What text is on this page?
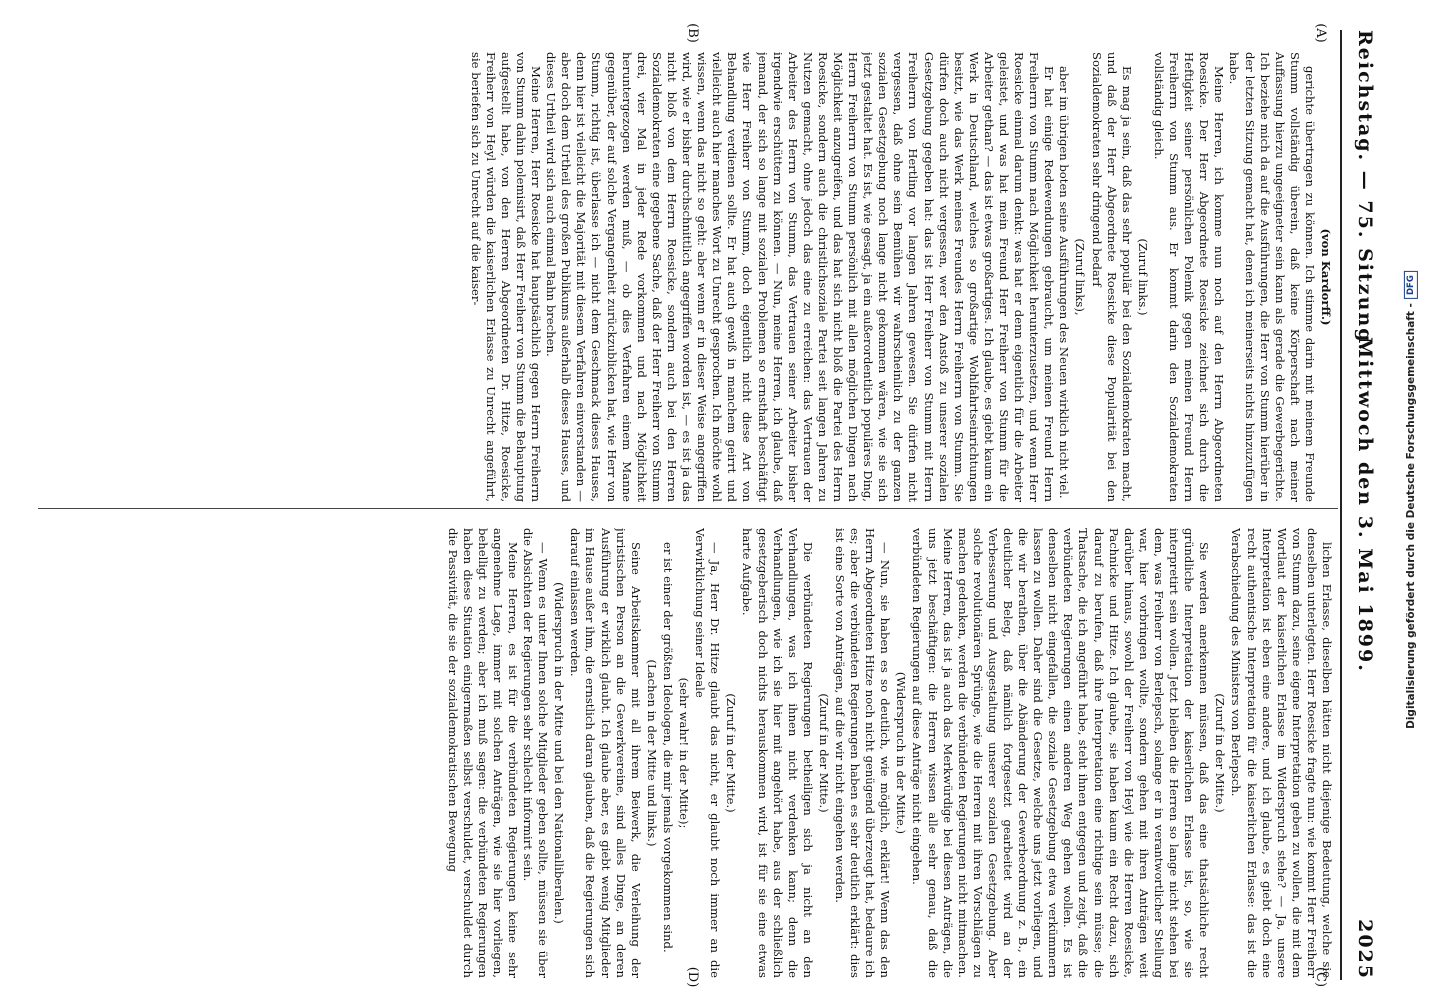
Reichstag. — 75. Sitzung.
Mittwoch den 3. Mai 1899.
2025
(A)
(B)
(C)
(D)

(von Kardorff.)

gerichte übertragen zu können. Ich stimme darin mit meinem Freunde Stumm vollständig überein, daß keine Körperschaft nach meiner Auffassung hierzu ungeeigneter sein kann als gerade die Gewerbegerichte. Ich beziehe mich da auf die Ausführungen, die Herr von Stumm hierüber in der letzten Sitzung gemacht hat, denen ich meinerseits nichts hinzuzufügen habe.

Meine Herren, ich komme nun noch auf den Herrn Abgeordneten Roesicke. Der Herr Abgeordnete Roesicke zeichnet sich durch die Heftigkeit seiner persönlichen Polemik gegen meinen Freund Herrn Freiherrn von Stumm aus. Er kommt darin den Sozialdemokraten vollständig gleich.

(Zuruf links.)

Es mag ja sein, daß das sehr populär bei den Sozialdemokraten macht, und daß der Herr Abgeordnete Roesicke diese Popularität bei den Sozialdemokraten sehr dringend bedarf

(Zuruf links),

aber im übrigen boten seine Ausführungen des Neuen wirklich nicht viel.

Er hat einige Redewendungen gebraucht, um meinen Freund Herrn Freiherrn von Stumm nach Möglichkeit herunterzusetzen, und wenn Herr Roesicke einmal darum denkt: was hat er denn eigentlich für die Arbeiter geleistet, und was hat mein Freund Herr Freiherr von Stumm für die Arbeiter gethan? — das ist etwas großartiges. Ich glaube, es giebt kaum ein Werk in Deutschland, welches so großartige Wohlfahrtseinrichtungen besitzt, wie das Werk meines Freundes Herrn Freiherrn von Stumm. Sie dürfen doch auch nicht vergessen, wer den Anstoß zu unserer sozialen Gesetzgebung gegeben hat: das ist Herr Freiherr von Stumm mit Herrn Freiherrn von Hertling vor langen Jahren gewesen. Sie dürfen nicht vergessen, daß ohne sein Bemühen wir wahrscheinlich zu der ganzen sozialen Gesetzgebung noch lange nicht gekommen wären, wie sie sich jetzt gestaltet hat. Es ist, wie gesagt, ja ein außerordentlich populäres Ding, Herrn Freiherrn von Stumm persönlich mit allen möglichen Dingen nach Möglichkeit anzugreifen, und das hat sich nicht bloß die Partei des Herrn Roesicke, sondern auch die christlichsoziale Partei seit langen Jahren zu Nutzen gemacht, ohne jedoch das eine zu erreichen: das Vertrauen der Arbeiter des Herrn von Stumm, das Vertrauen seiner Arbeiter bisher irgendwie erschüttern zu können. — Nun, meine Herren, ich glaube, daß jemand, der sich so lange mit sozialen Problemen so ernsthaft beschäftigt wie Herr Freiherr von Stumm, doch eigentlich nicht diese Art von Behandlung verdienen sollte. Er hat auch gewiß in manchem geirrt und vielleicht auch hier manches Wort zu Unrecht gesprochen. Ich möchte wohl wissen, wenn das nicht so geht: aber wenn er in dieser Weise angegriffen wird, wie er bisher durchschnittlich angegriffen worden ist, — es ist ja das nicht bloß von dem Herrn Roesicke, sondern auch bei den Herren Sozialdemokraten eine gegebene Sache, daß der Herr Freiherr von Stumm drei, vier Mal in jeder Rede vorkommen und nach Möglichkeit heruntergezogen werden muß, — ob dies Verfahren einem Manne gegenüber, der auf solche Vergangenheit zurückzublicken hat, wie Herr von Stumm, richtig ist, überlasse ich — nicht dem Geschmack dieses Hauses, denn hier ist vielleicht die Majorität mit diesem Verfahren einverstanden — aber doch dem Urtheil des großen Publikums außerhalb dieses Hauses, und dieses Urtheil wird sich auch einmal Bahn brechen.

Meine Herren, Herr Roesicke hat hauptsächlich gegen Herrn Freiherrn von Stumm dahin polemisirt, daß Herr Freiherr von Stumm die Behauptung aufgestellt habe, von den Herren Abgeordneten Dr. Hitze, Roesicke, Freiherr von Heyl würden die kaiserlichen Erlasse zu Unrecht angeführt, sie beriefen sich zu Unrecht auf die kaiser-

lichen Erlasse, dieselben hätten nicht diejenige Bedeutung, welche sie denselben unterlegten. Herr Roesicke fragte nun: wie kommt Herr Freiherr von Stumm dazu, seine eigene Interpretation geben zu wollen, die mit dem Wortlaut der kaiserlichen Erlasse im Widerspruch stehe? — Ja, unsere Interpretation ist eben eine andere, und ich glaube, es giebt doch eine recht authentische Interpretation für die kaiserlichen Erlasse: das ist die Verabschiedung des Ministers von Berlepsch.

(Zuruf in der Mitte.)

Sie werden anerkennen müssen, daß das eine thatsächliche recht gründliche Interpretation der kaiserlichen Erlasse ist, so, wie sie interpretirt sein wollen. Jetzt bleiben die Herren so lange nicht stehen bei dem, was Freiherr von Berlepsch, solange er in verantwortlicher Stellung war, hier vorbringen wollte, sondern gehen mit ihren Anträgen weit darüber hinaus, sowohl der Freiherr von Heyl wie die Herren Roesicke, Pachnicke und Hitze. Ich glaube, sie haben kaum ein Recht dazu, sich darauf zu berufen, daß ihre Interpretation eine richtige sein müsse; die Thatsache, die ich angeführt habe, steht ihnen entgegen und zeigt, daß die verbündeten Regierungen einen anderen Weg gehen wollen. Es ist denselben nicht eingefallen, die soziale Gesetzgebung etwa verkümmern lassen zu wollen. Daher sind die Gesetze, welche uns jetzt vorliegen, und die wir berathen, über die Abänderung der Gewerbeordnung z. B., ein deutlicher Beleg, daß nämlich fortgesetzt gearbeitet wird an der Verbesserung und Ausgestaltung unserer sozialen Gesetzgebung. Aber solche revolutionären Sprünge, wie die Herren mit ihren Vorschlägen zu machen gedenken, werden die verbündeten Regierungen nicht mitmachen. Meine Herren, das ist ja auch das Merkwürdige bei diesen Anträgen, die uns jetzt beschäftigen: die Herren wissen alle sehr genau, daß die verbündeten Regierungen auf diese Anträge nicht eingehen.

(Widerspruch in der Mitte.)

— Nun, sie haben es so deutlich, wie möglich, erklärt! Wenn das den Herrn Abgeordneten Hitze noch nicht genügend überzeugt hat, bedaure ich es; aber die verbündeten Regierungen haben es sehr deutlich erklärt: dies ist eine Sorte von Anträgen, auf die wir nicht eingehen werden.

(Zuruf in der Mitte.)

Die verbündeten Regierungen betheiligen sich ja nicht an den Verhandlungen, was ich ihnen nicht verdenken kann; denn die Verhandlungen, wie ich sie hier mit angehört habe, aus der schließlich gesetzgeberisch doch nichts herauskommen wird, ist für sie eine etwas harte Aufgabe.

(Zuruf in der Mitte.)

— Ja, Herr Dr. Hitze glaubt das nicht, er glaubt noch immer an die Verwirklichung seiner Ideale

(sehr wahr! in der Mitte);

er ist einer der größten Ideologen, die mir jemals vorgekommen sind.

(Lachen in der Mitte und links.)

Seine Arbeitskammer mit all ihrem Beiwerk, die Verleihung der juristischen Person an die Gewerkvereine, sind alles Dinge, an deren Ausführung er wirklich glaubt. Ich glaube aber, es giebt wenig Mitglieder im Hause außer ihm, die ernstlich daran glauben, daß die Regierungen sich darauf einlassen werden.

(Widerspruch in der Mitte und bei den Nationalliberalen.)

— Wenn es unter Ihnen solche Mitglieder geben sollte, müssen sie über die Absichten der Regierungen sehr schlecht informirt sein.

Meine Herren, es ist für die verbündeten Regierungen keine sehr angenehme Lage, immer mit solchen Anträgen, wie sie hier vorliegen, behelligt zu werden; aber ich muß sagen: die verbündeten Regierungen haben diese Situation einigermaßen selbst verschuldet, verschuldet durch die Passivität, die sie der sozialdemokratischen Bewegung	Digitalisierung gefördert durch die Deutsche Forschungsgemeinschaft -
DFG
